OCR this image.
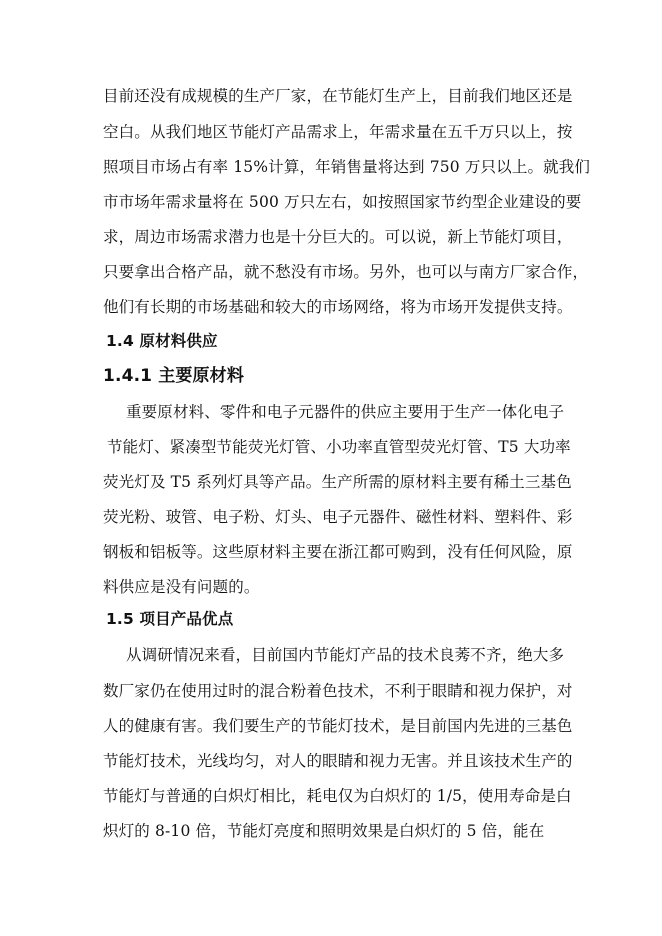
目前还没有成规模的生产厂家，在节能灯生产上，目前我们地区还是
空白。从我们地区节能灯产品需求上，年需求量在五千万只以上，按
照项目市场占有率 15%计算，年销售量将达到 750 万只以上。就我们
市市场年需求量将在 500 万只左右，如按照国家节约型企业建设的要
求，周边市场需求潜力也是十分巨大的。可以说，新上节能灯项目，
只要拿出合格产品，就不愁没有市场。另外，也可以与南方厂家合作，
他们有长期的市场基础和较大的市场网络，将为市场开发提供支持。
1.4 原材料供应
1.4.1 主要原材料
重要原材料、零件和电子元器件的供应主要用于生产一体化电子
节能灯、紧凑型节能荧光灯管、小功率直管型荧光灯管、T5 大功率
荧光灯及 T5 系列灯具等产品。生产所需的原材料主要有稀土三基色
荧光粉、玻管、电子粉、灯头、电子元器件、磁性材料、塑料件、彩
钢板和铝板等。这些原材料主要在浙江都可购到，没有任何风险，原
料供应是没有问题的。
1.5 项目产品优点
从调研情况来看，目前国内节能灯产品的技术良莠不齐，绝大多
数厂家仍在使用过时的混合粉着色技术，不利于眼睛和视力保护，对
人的健康有害。我们要生产的节能灯技术，是目前国内先进的三基色
节能灯技术，光线均匀，对人的眼睛和视力无害。并且该技术生产的
节能灯与普通的白炽灯相比，耗电仅为白炽灯的 1/5，使用寿命是白
炽灯的 8-10 倍，节能灯亮度和照明效果是白炽灯的 5 倍，能在
